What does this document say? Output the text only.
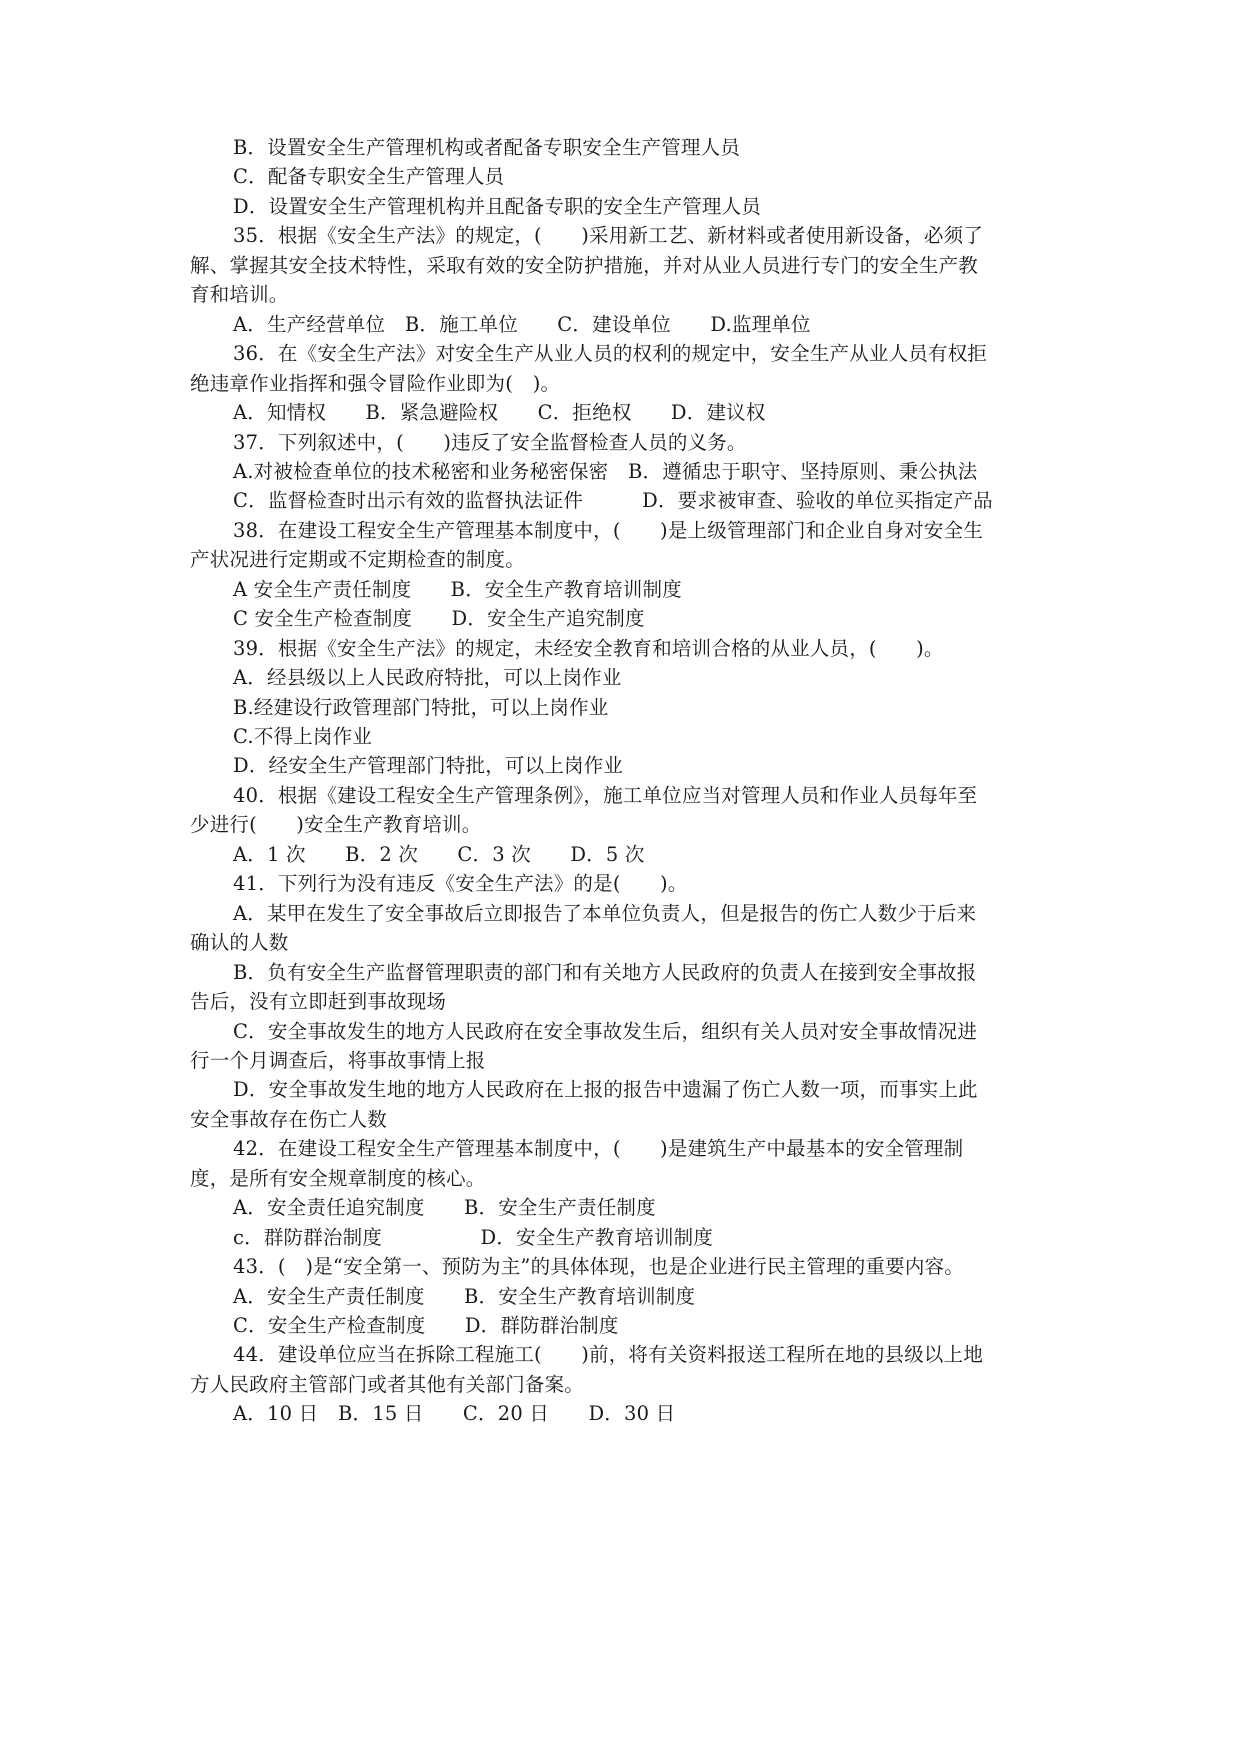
B．设置安全生产管理机构或者配备专职安全生产管理人员
C．配备专职安全生产管理人员
D．设置安全生产管理机构并且配备专职的安全生产管理人员
35．根据《安全生产法》的规定，(　　)采用新工艺、新材料或者使用新设备，必须了
解、掌握其安全技术特性，采取有效的安全防护措施，并对从业人员进行专门的安全生产教
育和培训。
A．生产经营单位　B．施工单位　　C．建设单位　　D.监理单位
36．在《安全生产法》对安全生产从业人员的权利的规定中，安全生产从业人员有权拒
绝违章作业指挥和强令冒险作业即为(　)。
A．知情权　　B．紧急避险权　　C．拒绝权　　D．建议权
37．下列叙述中，(　　)违反了安全监督检查人员的义务。
A.对被检查单位的技术秘密和业务秘密保密　B．遵循忠于职守、坚持原则、秉公执法
C．监督检查时出示有效的监督执法证件　　　D．要求被审查、验收的单位买指定产品
38．在建设工程安全生产管理基本制度中，(　　)是上级管理部门和企业自身对安全生
产状况进行定期或不定期检查的制度。
A 安全生产责任制度　　B．安全生产教育培训制度
C 安全生产检查制度　　D．安全生产追究制度
39．根据《安全生产法》的规定，未经安全教育和培训合格的从业人员，(　　)。
A．经县级以上人民政府特批，可以上岗作业
B.经建设行政管理部门特批，可以上岗作业
C.不得上岗作业
D．经安全生产管理部门特批，可以上岗作业
40．根据《建设工程安全生产管理条例》，施工单位应当对管理人员和作业人员每年至
少进行(　　)安全生产教育培训。
A．1 次　　B．2 次　　C．3 次　　D．5 次
41．下列行为没有违反《安全生产法》的是(　　)。
A．某甲在发生了安全事故后立即报告了本单位负责人，但是报告的伤亡人数少于后来
确认的人数
B．负有安全生产监督管理职责的部门和有关地方人民政府的负责人在接到安全事故报
告后，没有立即赶到事故现场
C．安全事故发生的地方人民政府在安全事故发生后，组织有关人员对安全事故情况进
行一个月调查后，将事故事情上报
D．安全事故发生地的地方人民政府在上报的报告中遗漏了伤亡人数一项，而事实上此
安全事故存在伤亡人数
42．在建设工程安全生产管理基本制度中，(　　)是建筑生产中最基本的安全管理制
度，是所有安全规章制度的核心。
A．安全责任追究制度　　B．安全生产责任制度
c．群防群治制度　　　　　D．安全生产教育培训制度
43．(　)是“安全第一、预防为主”的具体体现，也是企业进行民主管理的重要内容。
A．安全生产责任制度　　B．安全生产教育培训制度
C．安全生产检查制度　　D．群防群治制度
44．建设单位应当在拆除工程施工(　　)前，将有关资料报送工程所在地的县级以上地
方人民政府主管部门或者其他有关部门备案。
A．10 日　B．15 日　　C．20 日　　D．30 日
